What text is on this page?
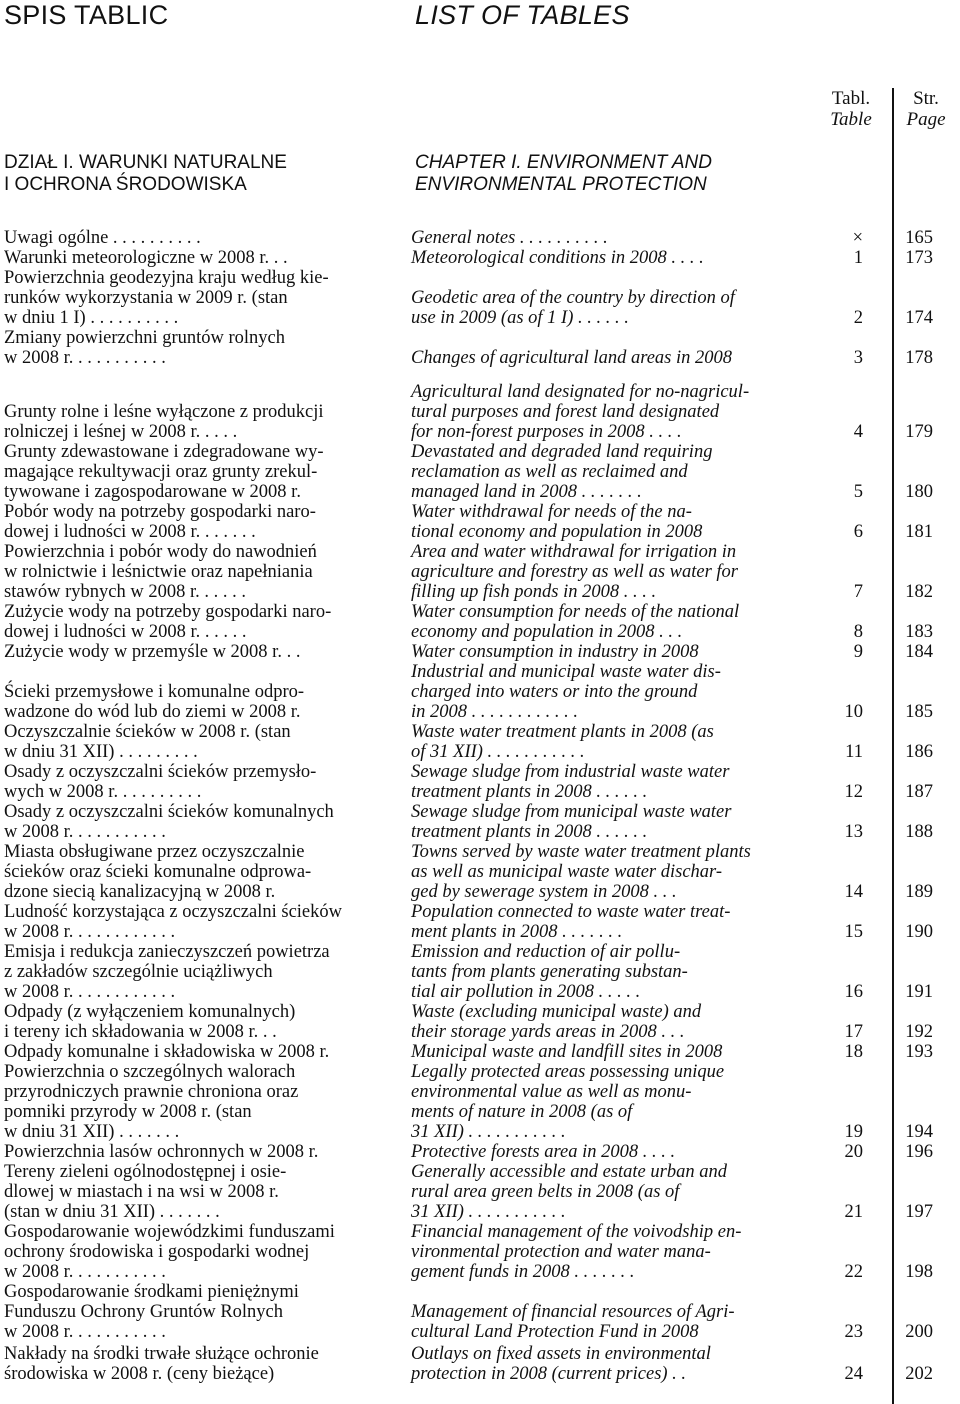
SPIS TABLIC	LIST OF TABLES
Tabl.
Table
Str.
Page
DZIAŁ I. WARUNKI NATURALNE
I OCHRONA ŚRODOWISKA
CHAPTER I. ENVIRONMENT AND
ENVIRONMENTAL PROTECTION
Uwagi ogólne . . . . . . . . . .	General notes . . . . . . . . . .	×	165
Warunki meteorologiczne w 2008 r. . .	Meteorological conditions in 2008 . . . .	1	173
Powierzchnia geodezyjna kraju według kie-
runków wykorzystania w 2009 r. (stan
w dniu 1 I) . . . . . . . . . .
Geodetic area of the country by direction of
use in 2009 (as of 1 I) . . . . . .	2	174
Zmiany powierzchni gruntów rolnych
w 2008 r. . . . . . . . . . .	Changes of agricultural land areas in 2008	3	178
Grunty rolne i leśne wyłączone z produkcji
rolniczej i leśnej w 2008 r. . . . .
Agricultural land designated for no-nagricul-
tural purposes and forest land designated
for non-forest purposes in 2008 . . . .	4	179
Grunty zdewastowane i zdegradowane wy-
magające rekultywacji oraz grunty zrekul-
tywowane i zagospodarowane w 2008 r.
Devastated and degraded land requiring
reclamation as well as reclaimed and
managed land in 2008 . . . . . . .	5	180
Pobór wody na potrzeby gospodarki naro-
dowej i ludności w 2008 r. . . . . . .
Water withdrawal for needs of the na-
tional economy and population in 2008	6	181
Powierzchnia i pobór wody do nawodnień
w rolnictwie i leśnictwie oraz napełniania
stawów rybnych w 2008 r. . . . . .
Area and water withdrawal for irrigation in
agriculture and forestry as well as water for
filling up fish ponds in 2008 . . . .	7	182
Zużycie wody na potrzeby gospodarki naro-
dowej i ludności w 2008 r. . . . . .
Water consumption for needs of the national
economy and population in 2008 . . .	8	183
Zużycie wody w przemyśle w 2008 r. . .	Water consumption in industry in 2008	9	184
Ścieki przemysłowe i komunalne odpro-
wadzone do wód lub do ziemi w 2008 r.
Industrial and municipal waste water dis-
charged into waters or into the ground
in 2008 . . . . . . . . . . . .	10	185
Oczyszczalnie ścieków w 2008 r. (stan
w dniu 31 XII) . . . . . . . . .
Waste water treatment plants in 2008 (as
of 31 XII) . . . . . . . . . . .	11	186
Osady z oczyszczalni ścieków przemysło-
wych w 2008 r. . . . . . . . . .
Sewage sludge from industrial waste water
treatment plants in 2008 . . . . . .	12	187
Osady z oczyszczalni ścieków komunalnych
w 2008 r. . . . . . . . . . .
Sewage sludge from municipal waste water
treatment plants in 2008 . . . . . .	13	188
Miasta obsługiwane przez oczyszczalnie
ścieków oraz ścieki komunalne odprowa-
dzone siecią kanalizacyjną w 2008 r.
Towns served by waste water treatment plants
as well as municipal waste water dischar-
ged by sewerage system in 2008 . . .	14	189
Ludność korzystająca z oczyszczalni ścieków
w 2008 r. . . . . . . . . . . .
Population connected to waste water treat-
ment plants in 2008 . . . . . . .	15	190
Emisja i redukcja zanieczyszczeń powietrza
z zakładów szczególnie uciążliwych
w 2008 r. . . . . . . . . . . .
Emission and reduction of air pollu-
tants from plants generating substan-
tial air pollution in 2008 . . . . .	16	191
Odpady (z wyłączeniem komunalnych)
i tereny ich składowania w 2008 r. . .
Waste (excluding municipal waste) and
their storage yards areas in 2008 . . .	17	192
Odpady komunalne i składowiska w 2008 r.	Municipal waste and landfill sites in 2008	18	193
Powierzchnia o szczególnych walorach
przyrodniczych prawnie chroniona oraz
pomniki przyrody w 2008 r. (stan
w dniu 31 XII) . . . . . . .
Legally protected areas possessing unique
environmental value as well as monu-
ments of nature in 2008 (as of
31 XII) . . . . . . . . . . .	19	194
Powierzchnia lasów ochronnych w 2008 r.	Protective forests area in 2008 . . . .	20	196
Tereny zieleni ogólnodostępnej i osie-
dlowej w miastach i na wsi w 2008 r.
(stan w dniu 31 XII) . . . . . . .
Generally accessible and estate urban and
rural area green belts in 2008 (as of
31 XII) . . . . . . . . . . .	21	197
Gospodarowanie wojewódzkimi funduszami
ochrony środowiska i gospodarki wodnej
w 2008 r. . . . . . . . . . .
Financial management of the voivodship en-
vironmental protection and water mana-
gement funds in 2008 . . . . . . .	22	198
Gospodarowanie środkami pieniężnymi
Funduszu Ochrony Gruntów Rolnych
w 2008 r. . . . . . . . . . .
Management of financial resources of Agri-
cultural Land Protection Fund in 2008	23	200
Nakłady na środki trwałe służące ochronie
środowiska w 2008 r. (ceny bieżące)
Outlays on fixed assets in environmental
protection in 2008 (current prices) . .	24	202
